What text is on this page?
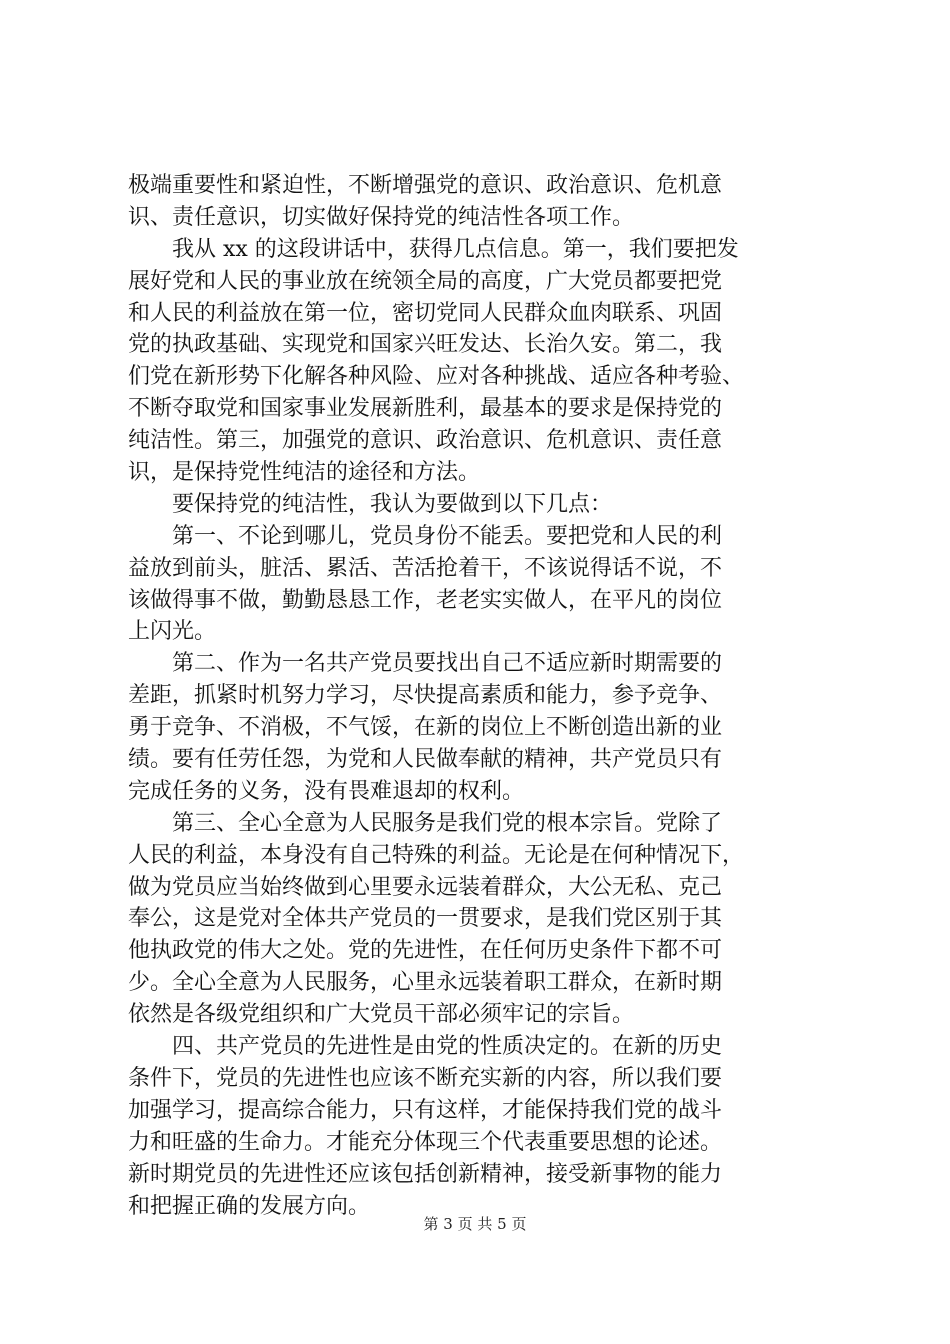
极端重要性和紧迫性，不断增强党的意识、政治意识、危机意
识、责任意识，切实做好保持党的纯洁性各项工作。
我从 xx 的这段讲话中，获得几点信息。第一，我们要把发
展好党和人民的事业放在统领全局的高度，广大党员都要把党
和人民的利益放在第一位，密切党同人民群众血肉联系、巩固
党的执政基础、实现党和国家兴旺发达、长治久安。第二，我
们党在新形势下化解各种风险、应对各种挑战、适应各种考验、
不断夺取党和国家事业发展新胜利，最基本的要求是保持党的
纯洁性。第三，加强党的意识、政治意识、危机意识、责任意
识，是保持党性纯洁的途径和方法。
要保持党的纯洁性，我认为要做到以下几点：
第一、不论到哪儿，党员身份不能丢。要把党和人民的利
益放到前头，脏活、累活、苦活抢着干，不该说得话不说，不
该做得事不做，勤勤恳恳工作，老老实实做人，在平凡的岗位
上闪光。
第二、作为一名共产党员要找出自己不适应新时期需要的
差距，抓紧时机努力学习，尽快提高素质和能力，参予竞争、
勇于竞争、不消极，不气馁，在新的岗位上不断创造出新的业
绩。要有任劳任怨，为党和人民做奉献的精神，共产党员只有
完成任务的义务，没有畏难退却的权利。
第三、全心全意为人民服务是我们党的根本宗旨。党除了
人民的利益，本身没有自己特殊的利益。无论是在何种情况下，
做为党员应当始终做到心里要永远装着群众，大公无私、克己
奉公，这是党对全体共产党员的一贯要求，是我们党区别于其
他执政党的伟大之处。党的先进性，在任何历史条件下都不可
少。全心全意为人民服务，心里永远装着职工群众，在新时期
依然是各级党组织和广大党员干部必须牢记的宗旨。
四、共产党员的先进性是由党的性质决定的。在新的历史
条件下，党员的先进性也应该不断充实新的内容，所以我们要
加强学习，提高综合能力，只有这样，才能保持我们党的战斗
力和旺盛的生命力。才能充分体现三个代表重要思想的论述。
新时期党员的先进性还应该包括创新精神，接受新事物的能力
和把握正确的发展方向。
第 3 页 共 5 页
